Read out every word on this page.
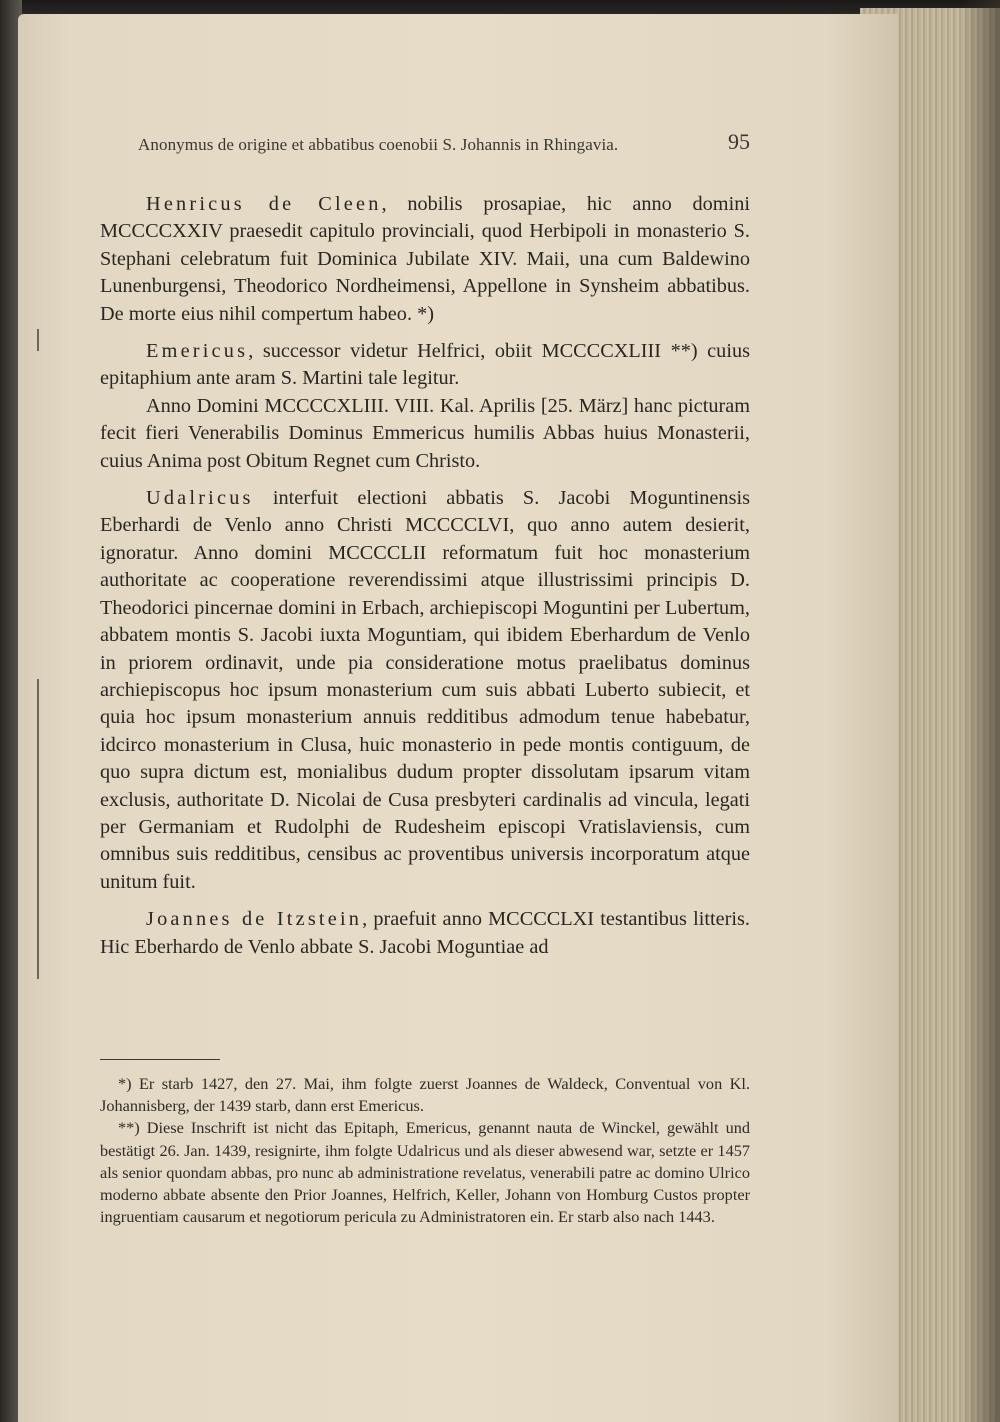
Anonymus de origine et abbatibus coenobii S. Johannis in Rhingavia.	95

Henricus de Cleen, nobilis prosapiae, hic anno domini MCCCCXXIV praesedit capitulo provinciali, quod Herbipoli in monasterio S. Stephani celebratum fuit Dominica Jubilate XIV. Maii, una cum Baldewino Lunenburgensi, Theodorico Nordheimensi, Appellone in Synsheim abbatibus. De morte eius nihil compertum habeo. *)

Emericus, successor videtur Helfrici, obiit MCCCCXLIII **) cuius epitaphium ante aram S. Martini tale legitur.

Anno Domini MCCCCXLIII. VIII. Kal. Aprilis [25. März] hanc picturam fecit fieri Venerabilis Dominus Emmericus humilis Abbas huius Monasterii, cuius Anima post Obitum Regnet cum Christo.

Udalricus interfuit electioni abbatis S. Jacobi Moguntinensis Eberhardi de Venlo anno Christi MCCCCLVI, quo anno autem desierit, ignoratur. Anno domini MCCCCLII reformatum fuit hoc monasterium authoritate ac cooperatione reverendissimi atque illustrissimi principis D. Theodorici pincernae domini in Erbach, archiepiscopi Moguntini per Lubertum, abbatem montis S. Jacobi iuxta Moguntiam, qui ibidem Eberhardum de Venlo in priorem ordinavit, unde pia consideratione motus praelibatus dominus archiepiscopus hoc ipsum monasterium cum suis abbati Luberto subiecit, et quia hoc ipsum monasterium annuis redditibus admodum tenue habebatur, idcirco monasterium in Clusa, huic monasterio in pede montis contiguum, de quo supra dictum est, monialibus dudum propter dissolutam ipsarum vitam exclusis, authoritate D. Nicolai de Cusa presbyteri cardinalis ad vincula, legati per Germaniam et Rudolphi de Rudesheim episcopi Vratislaviensis, cum omnibus suis redditibus, censibus ac proventibus universis incorporatum atque unitum fuit.

Joannes de Itzstein, praefuit anno MCCCCLXI testantibus litteris. Hic Eberhardo de Venlo abbate S. Jacobi Moguntiae ad

*) Er starb 1427, den 27. Mai, ihm folgte zuerst Joannes de Waldeck, Conventual von Kl. Johannisberg, der 1439 starb, dann erst Emericus.

**) Diese Inschrift ist nicht das Epitaph, Emericus, genannt nauta de Winckel, gewählt und bestätigt 26. Jan. 1439, resignirte, ihm folgte Udalricus und als dieser abwesend war, setzte er 1457 als senior quondam abbas, pro nunc ab administratione revelatus, venerabili patre ac domino Ulrico moderno abbate absente den Prior Joannes, Helfrich, Keller, Johann von Homburg Custos propter ingruentiam causarum et negotiorum pericula zu Administratoren ein. Er starb also nach 1443.
